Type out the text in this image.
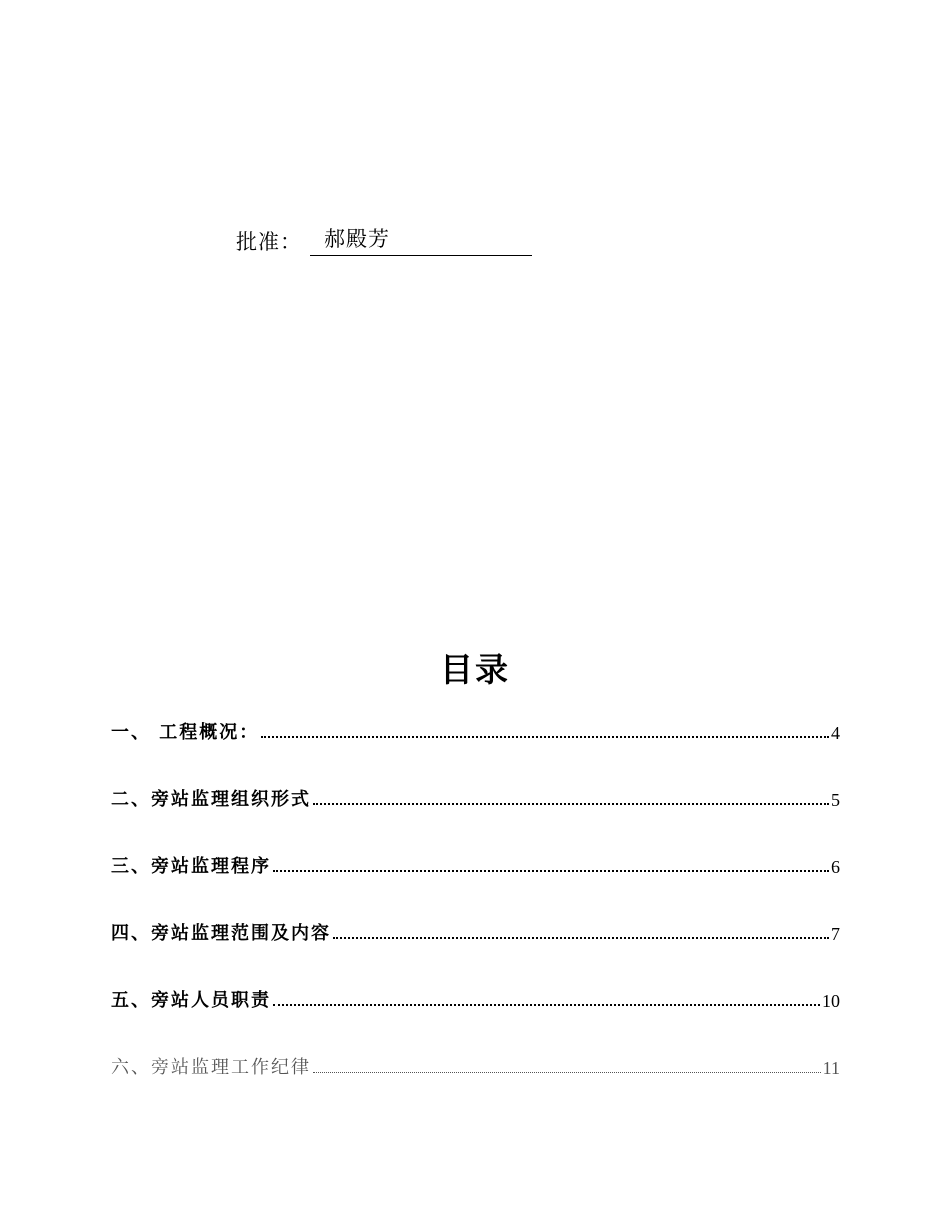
批准：	郝殿芳
目录
一、 工程概况：	4
二、旁站监理组织形式	5
三、旁站监理程序	6
四、旁站监理范围及内容	7
五、旁站人员职责	10
六、旁站监理工作纪律	11
